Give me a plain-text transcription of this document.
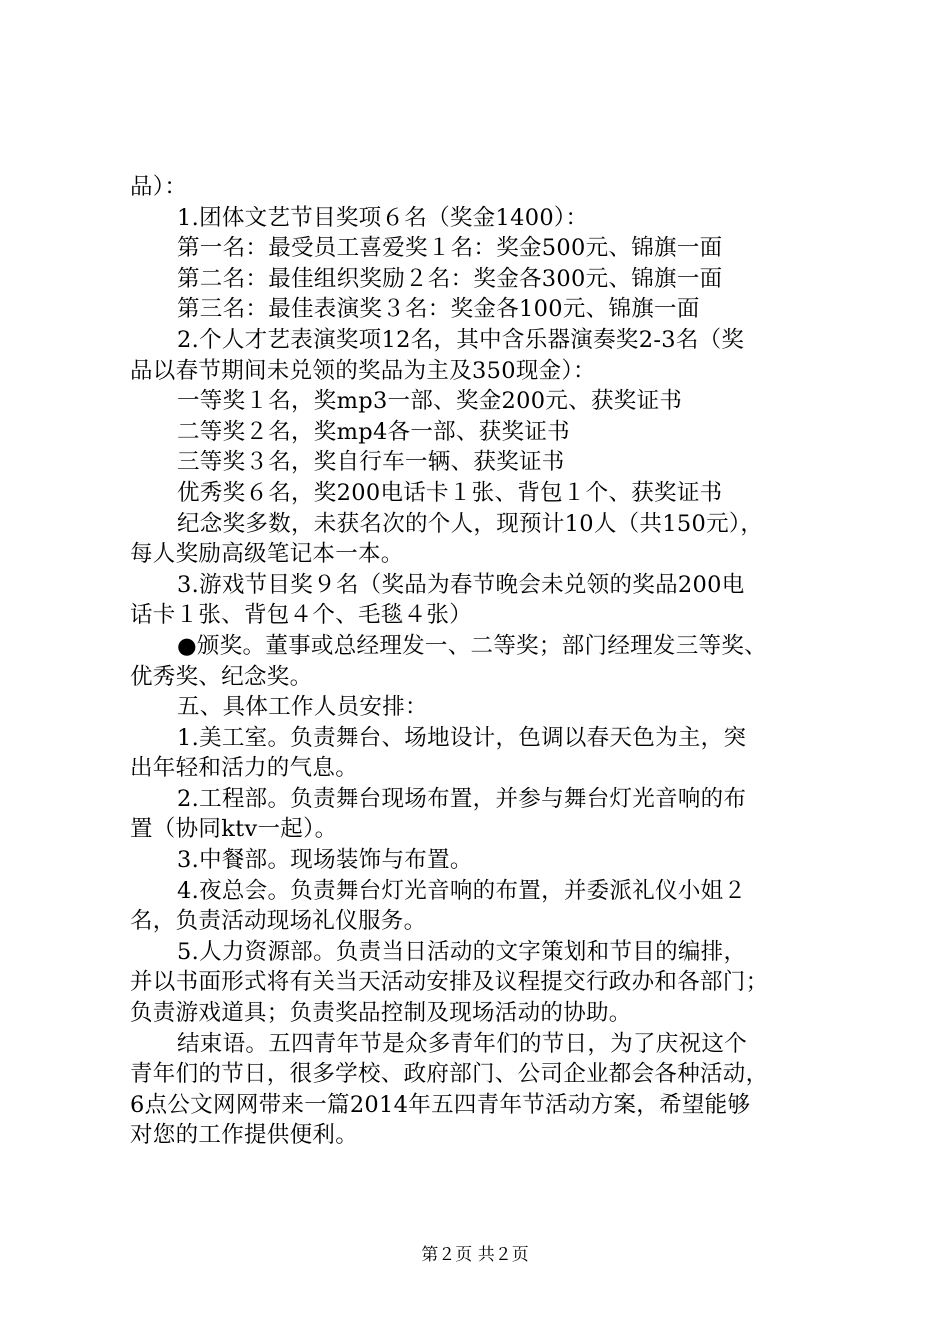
品）：

1.团体文艺节目奖项６名（奖金1400）：

第一名：最受员工喜爱奖１名：奖金500元、锦旗一面

第二名：最佳组织奖励２名：奖金各300元、锦旗一面

第三名：最佳表演奖３名：奖金各100元、锦旗一面

2.个人才艺表演奖项12名，其中含乐器演奏奖2-3名（奖

品以春节期间未兑领的奖品为主及350现金）：

一等奖１名，奖mp3一部、奖金200元、获奖证书

二等奖２名，奖mp4各一部、获奖证书

三等奖３名，奖自行车一辆、获奖证书

优秀奖６名，奖200电话卡１张、背包１个、获奖证书

纪念奖多数，未获名次的个人，现预计10人（共150元），

每人奖励高级笔记本一本。

3.游戏节目奖９名（奖品为春节晚会未兑领的奖品200电

话卡１张、背包４个、毛毯４张）

●颁奖。董事或总经理发一、二等奖；部门经理发三等奖、

优秀奖、纪念奖。

五、具体工作人员安排：

1.美工室。负责舞台、场地设计，色调以春天色为主，突

出年轻和活力的气息。

2.工程部。负责舞台现场布置，并参与舞台灯光音响的布

置（协同ktv一起）。

3.中餐部。现场装饰与布置。

4.夜总会。负责舞台灯光音响的布置，并委派礼仪小姐２

名，负责活动现场礼仪服务。

5.人力资源部。负责当日活动的文字策划和节目的编排，

并以书面形式将有关当天活动安排及议程提交行政办和各部门；

负责游戏道具；负责奖品控制及现场活动的协助。

结束语。五四青年节是众多青年们的节日，为了庆祝这个

青年们的节日，很多学校、政府部门、公司企业都会各种活动，

6点公文网网带来一篇2014年五四青年节活动方案，希望能够

对您的工作提供便利。

第２页 共２页
